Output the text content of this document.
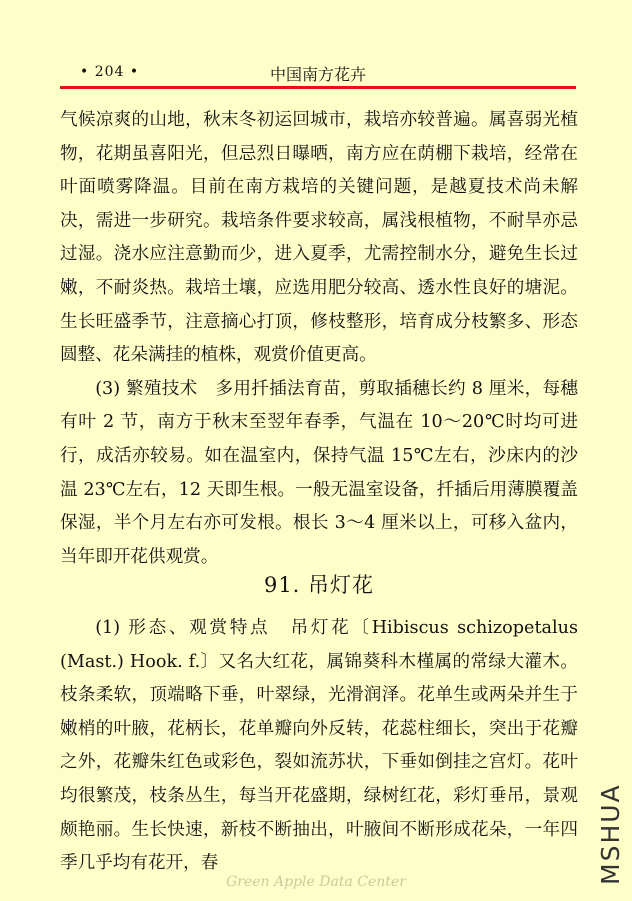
• 204 •	中国南方花卉

气候凉爽的山地，秋末冬初运回城市，栽培亦较普遍。属喜弱光植物，花期虽喜阳光，但忌烈日曝晒，南方应在荫棚下栽培，经常在叶面喷雾降温。目前在南方栽培的关键问题，是越夏技术尚未解决，需进一步研究。栽培条件要求较高，属浅根植物，不耐旱亦忌过湿。浇水应注意勤而少，进入夏季，尤需控制水分，避免生长过嫩，不耐炎热。栽培土壤，应选用肥分较高、透水性良好的塘泥。生长旺盛季节，注意摘心打顶，修枝整形，培育成分枝繁多、形态圆整、花朵满挂的植株，观赏价值更高。

(3) 繁殖技术　多用扦插法育苗，剪取插穗长约 8 厘米，每穗有叶 2 节，南方于秋末至翌年春季，气温在 10～20℃时均可进行，成活亦较易。如在温室内，保持气温 15℃左右，沙床内的沙温 23℃左右，12 天即生根。一般无温室设备，扦插后用薄膜覆盖保湿，半个月左右亦可发根。根长 3～4 厘米以上，可移入盆内，当年即开花供观赏。

91. 吊灯花

(1) 形态、观赏特点　吊灯花〔Hibiscus schizopetalus (Mast.) Hook. f.〕又名大红花，属锦葵科木槿属的常绿大灌木。枝条柔软，顶端略下垂，叶翠绿，光滑润泽。花单生或两朵并生于嫩梢的叶腋，花柄长，花单瓣向外反转，花蕊柱细长，突出于花瓣之外，花瓣朱红色或彩色，裂如流苏状，下垂如倒挂之宫灯。花叶均很繁茂，枝条丛生，每当开花盛期，绿树红花，彩灯垂吊，景观颇艳丽。生长快速，新枝不断抽出，叶腋间不断形成花朵，一年四季几乎均有花开，春	MSHUA
Green Apple Data Center
